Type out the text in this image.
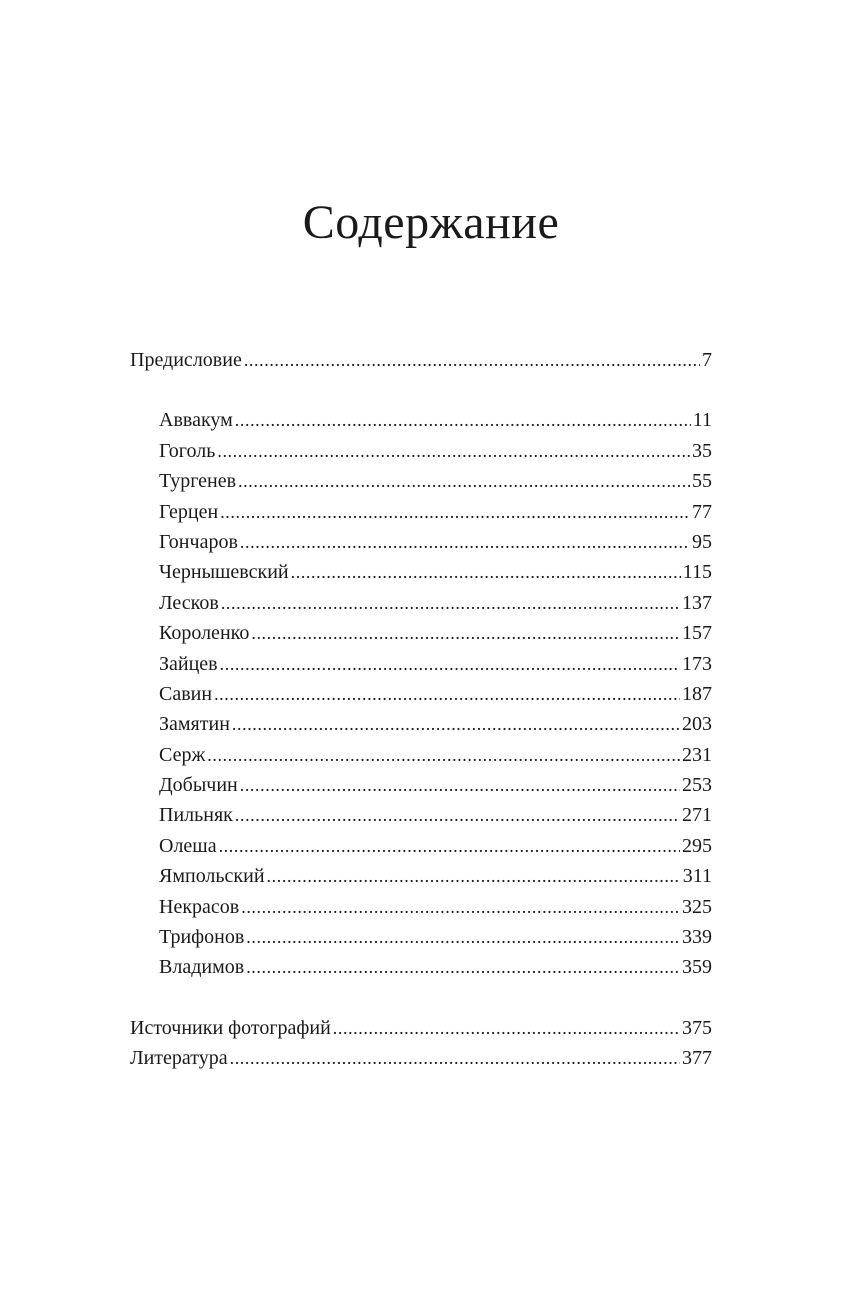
Содержание
Предисловие .....	7
Аввакум .....	11
Гоголь .....	35
Тургенев .....	55
Герцен .....	77
Гончаров .....	95
Чернышевский .....	115
Лесков .....	137
Короленко .....	157
Зайцев .....	173
Савин .....	187
Замятин .....	203
Серж .....	231
Добычин .....	253
Пильняк .....	271
Олеша .....	295
Ямпольский .....	311
Некрасов .....	325
Трифонов .....	339
Владимов .....	359
Источники фотографий .....	375
Литература .....	377
